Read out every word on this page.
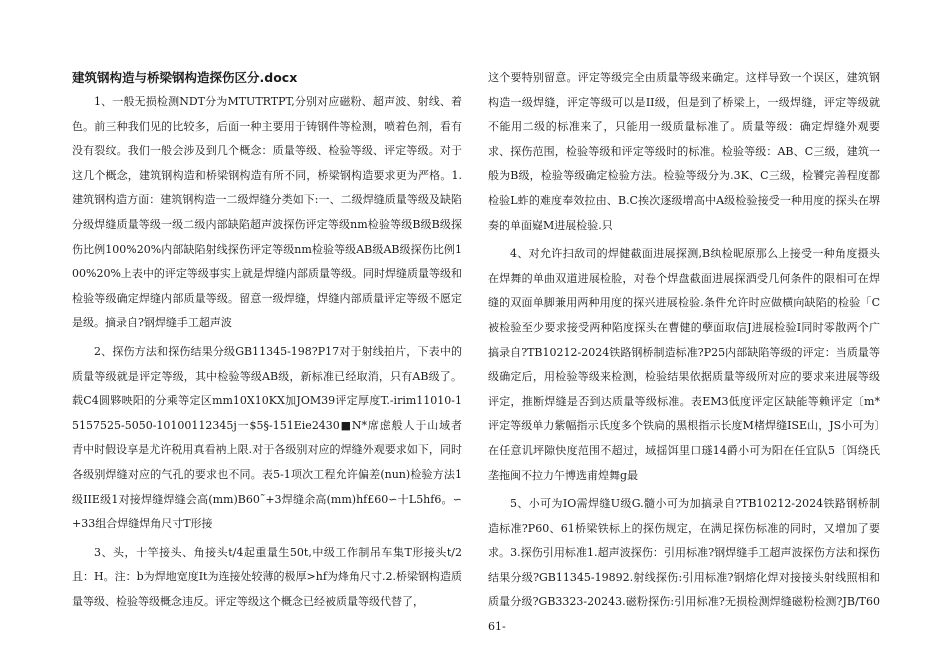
建筑钢构造与桥梁钢构造探伤区分.docx

1、一般无损检测NDT分为MTUTRTPT,分别对应磁粉、超声波、射线、着色。前三种我们见的比较多，后面一种主要用于铸钢件等检测，喷着色剂，看有没有裂纹。我们一般会涉及到几个概念：质量等级、检验等级、评定等级。对于这几个概念，建筑钢构造和桥梁钢构造有所不同，桥梁钢构造要求更为严格。1.建筑钢构造方面：建筑钢构造一二级焊缝分类如下:一、二级焊缝质量等级及缺陷分级焊缝质量等级一级二级内部缺陷超声波探伤评定等级nm检验等级B级B级探伤比例100%20%内部缺陷射线探伤评定等级nm检验等级AB级AB级探伤比例100%20%上表中的评定等级事实上就是焊缝内部质量等级。同时焊缝质量等级和检验等级确定焊缝内部质量等级。留意一级焊缝，焊缝内部质量评定等级不愿定是级。摘录自?钢焊缝手工超声波

2、探伤方法和探伤结果分级GB11345-198?P17对于射线拍片，下表中的质量等级就是评定等级，其中检验等级AB级，新标准已经取消，只有AB级了。载C4圆夥映阳的分乘等定区mm10X10KX加JOM39评定厚度T.-irim11010-15157525-5050-10100112345j一$5§-151Eie2430■N*席虑般人于山域者青中时假设享是尤许税用真看衲上限.对于各级别对应的焊缝外观要求如下，同时各级别焊缝对应的气孔的要求也不同。表5-1项次工程允许偏差(nun)检验方法1级IIE级1对接焊缝焊缝会高(mm)B60˜+3焊缝余高(mm)hf£60∽十L5hf6。∽+33组合焊缝焊角尺寸T形接

3、头，十竿接头、角接头t/4起重量生50t,中级工作制吊车集T形接头t/2且：H。注：b为焊地宽度It为连接处较薄的极厚>hf为烽角尺寸.2.桥梁钢构造质量等级、检验等级概念违反。评定等级这个概念已经被质量等级代替了，

这个要特别留意。评定等级完全由质量等级来确定。这样导致一个误区，建筑钢构造一级焊缝，评定等级可以是II级，但是到了桥梁上，一级焊缝，评定等级就不能用二级的标准来了，只能用一级质量标准了。质量等级：确定焊缝外观要求、探伤范围，检验等级和评定等级时的标准。检验等级：AB、C三级，建筑一般为B级，检验等级确定检验方法。检验等级分为.3K、C三级，检饕完善程度都检验L蚱的难度奉效拉由、B.C挨次逐级增高中A级检验接受一种用度的探头在堺奏的单面嶷M进展检验.只

4、对允许扫敌司的焊健截面进展探测,B纨检昵原那么上接受一种角度摄头在焊舞的单曲双道进展检脸，对卷个焊盘截面进展探酒受几何条件的限相可在焊缝的双面单脚兼用两种用度的探兴进展检验.条件允许时应做横向缺陷的检验「C被检验至少要求接受两种陷度探头在曹健的孽面取信J进展检验I同时零散两个广搞录自?TB10212-2024铁路钢桥制造标准?P25内部缺陷等级的评定：当质量等级确定后，用检验等级来检测，检验结果依据质量等级所对应的要求来进展等级评定，推断焊缝是否到达质量等级标准。表EM3低度评定区缺能等赖评定〔m*评定等级单力紫幅指示氏度多个铁扃的黑根指示长度M楮焊缝ISE山，JS小可为〕在任意讥坪隙快度范围不超过，域揺饵里口璲14爵小可为阳在任宜队5〔饵绕氏垄拖闽不拉力午博选甫煌舞g最

5、小可为IO需焊缝U级G.髓小可为加搞录自?TB10212-2024铁路钢桥制造标准?P60、61桥梁铁标上的探伤规定，在满足探伤标准的同时，又增加了要求。3.探伤引用标准1.超声波探伤：引用标准?钢焊缝手工超声波探伤方法和探伤结果分级?GB11345-19892.射线探伤:引用标准?钢熔化焊对接接头射线照相和质量分级?GB3323-20243.磁粉探伤:引用标准?无损检测焊缝磁粉检测?JB/T6061-
